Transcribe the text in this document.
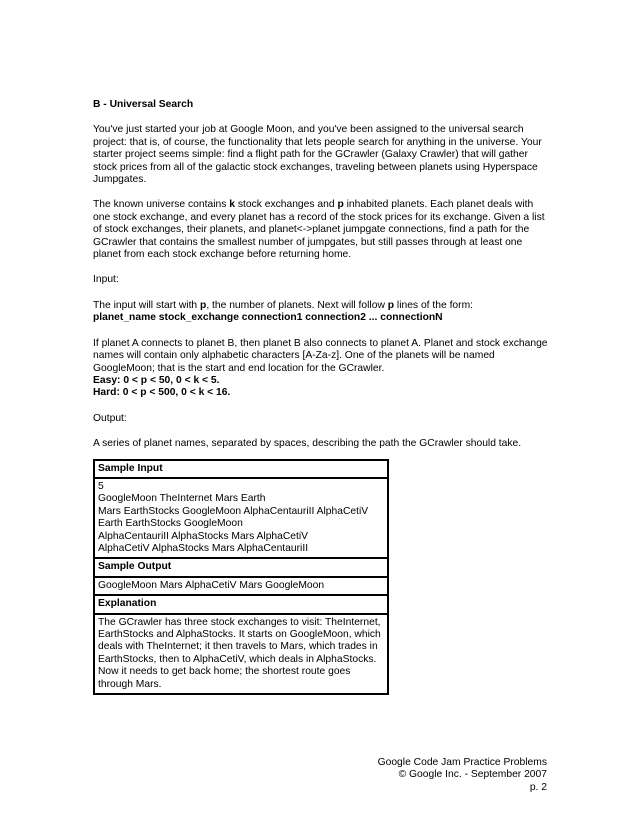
B - Universal Search

You've just started your job at Google Moon, and you've been assigned to the universal search project: that is, of course, the functionality that lets people search for anything in the universe. Your starter project seems simple: find a flight path for the GCrawler (Galaxy Crawler) that will gather stock prices from all of the galactic stock exchanges, traveling between planets using Hyperspace Jumpgates.

The known universe contains k stock exchanges and p inhabited planets. Each planet deals with one stock exchange, and every planet has a record of the stock prices for its exchange. Given a list of stock exchanges, their planets, and planet<->planet jumpgate connections, find a path for the GCrawler that contains the smallest number of jumpgates, but still passes through at least one planet from each stock exchange before returning home.

Input:

The input will start with p, the number of planets. Next will follow p lines of the form:
planet_name stock_exchange connection1 connection2 ... connectionN

If planet A connects to planet B, then planet B also connects to planet A. Planet and stock exchange names will contain only alphabetic characters [A-Za-z]. One of the planets will be named GoogleMoon; that is the start and end location for the GCrawler.
Easy: 0 < p < 50, 0 < k < 5.
Hard: 0 < p < 500, 0 < k < 16.

Output:

A series of planet names, separated by spaces, describing the path the GCrawler should take.

Sample Input

5
GoogleMoon TheInternet Mars Earth
Mars EarthStocks GoogleMoon AlphaCentauriII AlphaCetiV
Earth EarthStocks GoogleMoon
AlphaCentauriII AlphaStocks Mars AlphaCetiV
AlphaCetiV AlphaStocks Mars AlphaCentauriII

Sample Output
GoogleMoon Mars AlphaCetiV Mars GoogleMoon
Explanation

The GCrawler has three stock exchanges to visit: TheInternet,
EarthStocks and AlphaStocks. It starts on GoogleMoon, which
deals with TheInternet; it then travels to Mars, which trades in
EarthStocks, then to AlphaCetiV, which deals in AlphaStocks.
Now it needs to get back home; the shortest route goes
through Mars.
Google Code Jam Practice Problems
© Google Inc. - September 2007
p. 2
